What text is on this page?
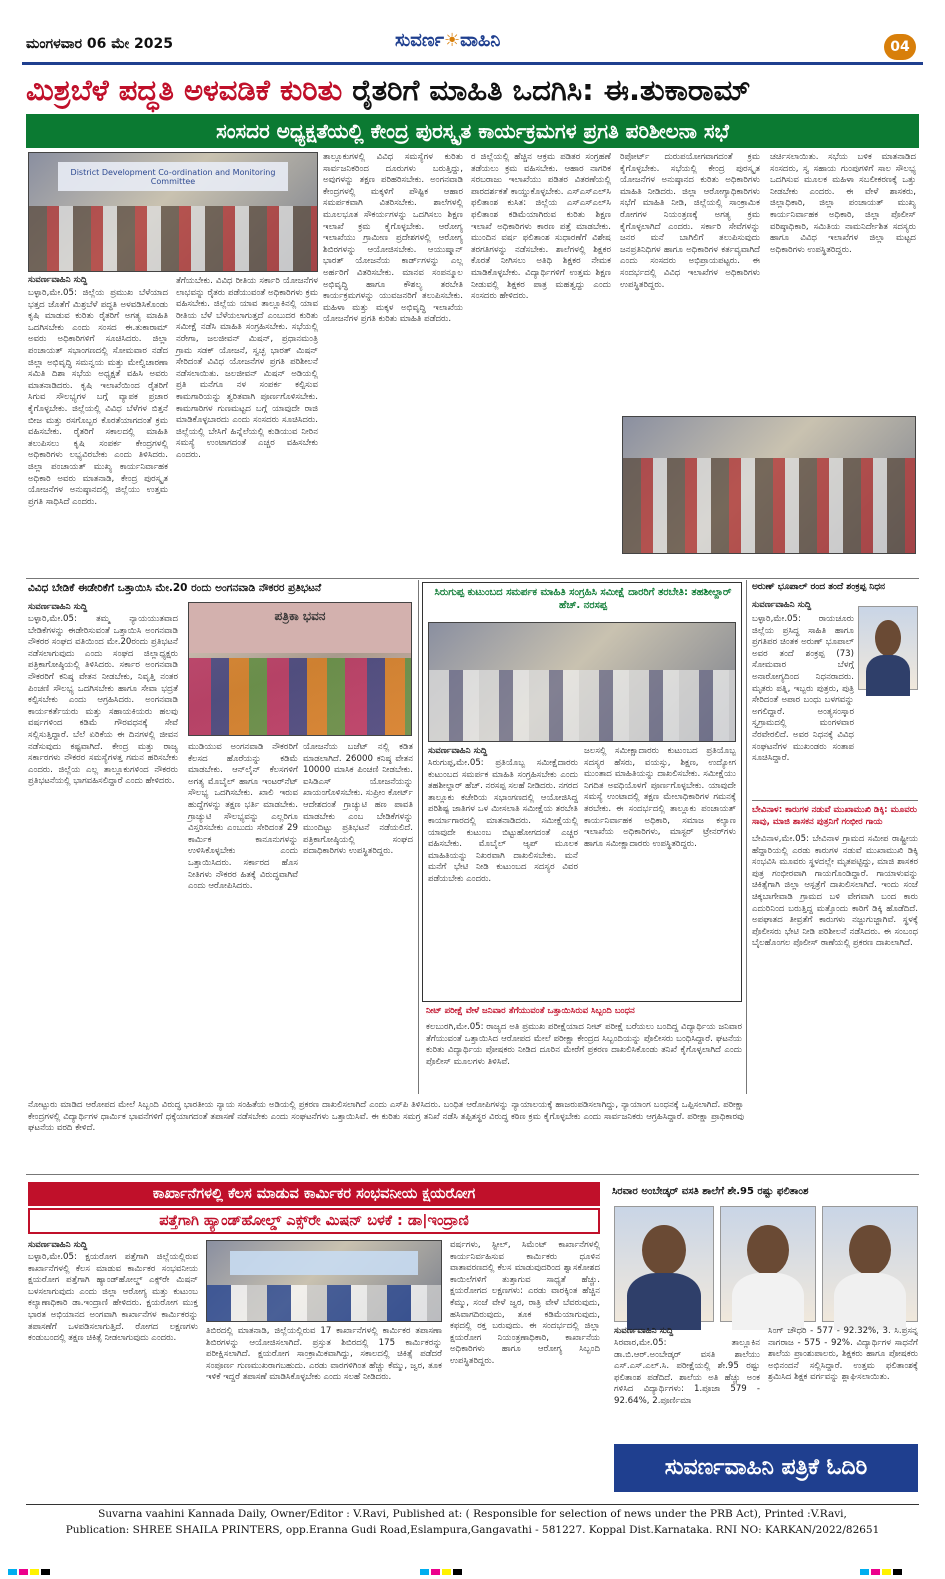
ಮಂಗಳವಾರ 06 ಮೇ 2025	ಸುವರ್ಣ☀ವಾಹಿನಿ	04
ಮಿಶ್ರಬೆಳೆ ಪದ್ಧತಿ ಅಳವಡಿಕೆ ಕುರಿತು ರೈತರಿಗೆ ಮಾಹಿತಿ ಒದಗಿಸಿ: ಈ.ತುಕಾರಾಮ್
ಸಂಸದರ ಅಧ್ಯಕ್ಷತೆಯಲ್ಲಿ ಕೇಂದ್ರ ಪುರಸ್ಕೃತ ಕಾರ್ಯಕ್ರಮಗಳ ಪ್ರಗತಿ ಪರಿಶೀಲನಾ ಸಭೆ
District Development Co-ordination and Monitoring Committee
ಸುವರ್ಣವಾಹಿನಿ ಸುದ್ದಿ
ಬಳ್ಳಾರಿ,ಮೇ.05: ಜಿಲ್ಲೆಯ ಪ್ರಮುಖ ಬೆಳೆಯಾದ ಭತ್ತದ ಜೊತೆಗೆ ಮಿಶ್ರಬೆಳೆ ಪದ್ಧತಿ ಅಳವಡಿಸಿಕೊಂಡು ಕೃಷಿ ಮಾಡುವ ಕುರಿತು ರೈತರಿಗೆ ಅಗತ್ಯ ಮಾಹಿತಿ ಒದಗಿಸಬೇಕು ಎಂದು ಸಂಸದ ಈ.ತುಕಾರಾಮ್ ಅವರು ಅಧಿಕಾರಿಗಳಿಗೆ ಸೂಚಿಸಿದರು. ಜಿಲ್ಲಾ ಪಂಚಾಯತ್ ಸಭಾಂಗಣದಲ್ಲಿ ಸೋಮವಾರ ನಡೆದ ಜಿಲ್ಲಾ ಅಭಿವೃದ್ಧಿ ಸಮನ್ವಯ ಮತ್ತು ಮೇಲ್ವಿಚಾರಣಾ ಸಮಿತಿ ದಿಶಾ ಸಭೆಯ ಅಧ್ಯಕ್ಷತೆ ವಹಿಸಿ ಅವರು ಮಾತನಾಡಿದರು. ಕೃಷಿ ಇಲಾಖೆಯಿಂದ ರೈತರಿಗೆ ಸಿಗುವ ಸೌಲಭ್ಯಗಳ ಬಗ್ಗೆ ವ್ಯಾಪಕ ಪ್ರಚಾರ ಕೈಗೊಳ್ಳಬೇಕು. ಜಿಲ್ಲೆಯಲ್ಲಿ ವಿವಿಧ ಬೆಳೆಗಳ ಬಿತ್ತನೆ ಬೀಜ ಮತ್ತು ರಸಗೊಬ್ಬರ ಕೊರತೆಯಾಗದಂತೆ ಕ್ರಮ ವಹಿಸಬೇಕು. ರೈತರಿಗೆ ಸಕಾಲದಲ್ಲಿ ಮಾಹಿತಿ ತಲುಪಿಸಲು ಕೃಷಿ ಸಂಪರ್ಕ ಕೇಂದ್ರಗಳಲ್ಲಿ ಅಧಿಕಾರಿಗಳು ಲಭ್ಯವಿರಬೇಕು ಎಂದು ತಿಳಿಸಿದರು. ಜಿಲ್ಲಾ ಪಂಚಾಯತ್ ಮುಖ್ಯ ಕಾರ್ಯನಿರ್ವಾಹಕ ಅಧಿಕಾರಿ ಅವರು ಮಾತನಾಡಿ, ಕೇಂದ್ರ ಪುರಸ್ಕೃತ ಯೋಜನೆಗಳ ಅನುಷ್ಠಾನದಲ್ಲಿ ಜಿಲ್ಲೆಯು ಉತ್ತಮ ಪ್ರಗತಿ ಸಾಧಿಸಿದೆ ಎಂದರು.
ತೆಗೆಯಬೇಕು. ವಿವಿಧ ರೀತಿಯ ಸರ್ಕಾರಿ ಯೋಜನೆಗಳ ಲಾಭವನ್ನು ರೈತರು ಪಡೆಯುವಂತೆ ಅಧಿಕಾರಿಗಳು ಕ್ರಮ ವಹಿಸಬೇಕು. ಜಿಲ್ಲೆಯ ಯಾವ ತಾಲ್ಲೂಕಿನಲ್ಲಿ ಯಾವ ರೀತಿಯ ಬೆಳೆ ಬೆಳೆಯಲಾಗುತ್ತದೆ ಎಂಬುದರ ಕುರಿತು ಸಮೀಕ್ಷೆ ನಡೆಸಿ ಮಾಹಿತಿ ಸಂಗ್ರಹಿಸಬೇಕು. ಸಭೆಯಲ್ಲಿ ನರೇಗಾ, ಜಲಜೀವನ್ ಮಿಷನ್, ಪ್ರಧಾನಮಂತ್ರಿ ಗ್ರಾಮ ಸಡಕ್ ಯೋಜನೆ, ಸ್ವಚ್ಛ ಭಾರತ್ ಮಿಷನ್ ಸೇರಿದಂತೆ ವಿವಿಧ ಯೋಜನೆಗಳ ಪ್ರಗತಿ ಪರಿಶೀಲನೆ ನಡೆಸಲಾಯಿತು. ಜಲಜೀವನ್ ಮಿಷನ್ ಅಡಿಯಲ್ಲಿ ಪ್ರತಿ ಮನೆಗೂ ನಳ ಸಂಪರ್ಕ ಕಲ್ಪಿಸುವ ಕಾಮಗಾರಿಯನ್ನು ತ್ವರಿತವಾಗಿ ಪೂರ್ಣಗೊಳಿಸಬೇಕು. ಕಾಮಗಾರಿಗಳ ಗುಣಮಟ್ಟದ ಬಗ್ಗೆ ಯಾವುದೇ ರಾಜಿ ಮಾಡಿಕೊಳ್ಳಬಾರದು ಎಂದು ಸಂಸದರು ಸೂಚಿಸಿದರು. ಜಿಲ್ಲೆಯಲ್ಲಿ ಬೇಸಿಗೆ ಹಿನ್ನೆಲೆಯಲ್ಲಿ ಕುಡಿಯುವ ನೀರಿನ ಸಮಸ್ಯೆ ಉಂಟಾಗದಂತೆ ಎಚ್ಚರ ವಹಿಸಬೇಕು ಎಂದರು.
ತಾಲ್ಲೂಕುಗಳಲ್ಲಿ ವಿವಿಧ ಸಮಸ್ಯೆಗಳ ಕುರಿತು ಸಾರ್ವಜನಿಕರಿಂದ ದೂರುಗಳು ಬರುತ್ತಿದ್ದು, ಅವುಗಳನ್ನು ತಕ್ಷಣ ಪರಿಹರಿಸಬೇಕು. ಅಂಗನವಾಡಿ ಕೇಂದ್ರಗಳಲ್ಲಿ ಮಕ್ಕಳಿಗೆ ಪೌಷ್ಟಿಕ ಆಹಾರ ಸಮರ್ಪಕವಾಗಿ ವಿತರಿಸಬೇಕು. ಶಾಲೆಗಳಲ್ಲಿ ಮೂಲಭೂತ ಸೌಕರ್ಯಗಳನ್ನು ಒದಗಿಸಲು ಶಿಕ್ಷಣ ಇಲಾಖೆ ಕ್ರಮ ಕೈಗೊಳ್ಳಬೇಕು. ಆರೋಗ್ಯ ಇಲಾಖೆಯು ಗ್ರಾಮೀಣ ಪ್ರದೇಶಗಳಲ್ಲಿ ಆರೋಗ್ಯ ಶಿಬಿರಗಳನ್ನು ಆಯೋಜಿಸಬೇಕು. ಆಯುಷ್ಮಾನ್ ಭಾರತ್ ಯೋಜನೆಯ ಕಾರ್ಡ್‌ಗಳನ್ನು ಎಲ್ಲ ಅರ್ಹರಿಗೆ ವಿತರಿಸಬೇಕು. ಮಾನವ ಸಂಪನ್ಮೂಲ ಅಭಿವೃದ್ಧಿ ಹಾಗೂ ಕೌಶಲ್ಯ ತರಬೇತಿ ಕಾರ್ಯಕ್ರಮಗಳನ್ನು ಯುವಜನರಿಗೆ ತಲುಪಿಸಬೇಕು. ಮಹಿಳಾ ಮತ್ತು ಮಕ್ಕಳ ಅಭಿವೃದ್ಧಿ ಇಲಾಖೆಯ ಯೋಜನೆಗಳ ಪ್ರಗತಿ ಕುರಿತು ಮಾಹಿತಿ ಪಡೆದರು.
ರ ಜಿಲ್ಲೆಯಲ್ಲಿ ಹೆಚ್ಚಿನ ಆಕ್ರಮ ಪಡಿತರ ಸಂಗ್ರಹಣೆ ತಡೆಯಲು ಕ್ರಮ ವಹಿಸಬೇಕು. ಆಹಾರ ನಾಗರಿಕ ಸರಬರಾಜು ಇಲಾಖೆಯು ಪಡಿತರ ವಿತರಣೆಯಲ್ಲಿ ಪಾರದರ್ಶಕತೆ ಕಾಯ್ದುಕೊಳ್ಳಬೇಕು. ಎಸ್‌ಎಸ್‌ಎಲ್‌ಸಿ ಫಲಿತಾಂಶ ಕುಸಿತ: ಜಿಲ್ಲೆಯ ಎಸ್‌ಎಸ್‌ಎಲ್‌ಸಿ ಫಲಿತಾಂಶ ಕಡಿಮೆಯಾಗಿರುವ ಕುರಿತು ಶಿಕ್ಷಣ ಇಲಾಖೆ ಅಧಿಕಾರಿಗಳು ಕಾರಣ ಪತ್ತೆ ಮಾಡಬೇಕು. ಮುಂದಿನ ವರ್ಷ ಫಲಿತಾಂಶ ಸುಧಾರಣೆಗೆ ವಿಶೇಷ ತರಗತಿಗಳನ್ನು ನಡೆಸಬೇಕು. ಶಾಲೆಗಳಲ್ಲಿ ಶಿಕ್ಷಕರ ಕೊರತೆ ನೀಗಿಸಲು ಅತಿಥಿ ಶಿಕ್ಷಕರ ನೇಮಕ ಮಾಡಿಕೊಳ್ಳಬೇಕು. ವಿದ್ಯಾರ್ಥಿಗಳಿಗೆ ಉತ್ತಮ ಶಿಕ್ಷಣ ನೀಡುವಲ್ಲಿ ಶಿಕ್ಷಕರ ಪಾತ್ರ ಮಹತ್ವದ್ದು ಎಂದು ಸಂಸದರು ಹೇಳಿದರು.
ರಿಪೋರ್ಟ್ ದುರುಪಯೋಗವಾಗದಂತೆ ಕ್ರಮ ಕೈಗೊಳ್ಳಬೇಕು. ಸಭೆಯಲ್ಲಿ ಕೇಂದ್ರ ಪುರಸ್ಕೃತ ಯೋಜನೆಗಳ ಅನುಷ್ಠಾನದ ಕುರಿತು ಅಧಿಕಾರಿಗಳು ಮಾಹಿತಿ ನೀಡಿದರು. ಜಿಲ್ಲಾ ಆರೋಗ್ಯಾಧಿಕಾರಿಗಳು ಸಭೆಗೆ ಮಾಹಿತಿ ನೀಡಿ, ಜಿಲ್ಲೆಯಲ್ಲಿ ಸಾಂಕ್ರಾಮಿಕ ರೋಗಗಳ ನಿಯಂತ್ರಣಕ್ಕೆ ಅಗತ್ಯ ಕ್ರಮ ಕೈಗೊಳ್ಳಲಾಗಿದೆ ಎಂದರು. ಸರ್ಕಾರಿ ಸೇವೆಗಳನ್ನು ಜನರ ಮನೆ ಬಾಗಿಲಿಗೆ ತಲುಪಿಸುವುದು ಜನಪ್ರತಿನಿಧಿಗಳ ಹಾಗೂ ಅಧಿಕಾರಿಗಳ ಕರ್ತವ್ಯವಾಗಿದೆ ಎಂದು ಸಂಸದರು ಅಭಿಪ್ರಾಯಪಟ್ಟರು. ಈ ಸಂದರ್ಭದಲ್ಲಿ ವಿವಿಧ ಇಲಾಖೆಗಳ ಅಧಿಕಾರಿಗಳು ಉಪಸ್ಥಿತರಿದ್ದರು.
ಚರ್ಚಿಸಲಾಯಿತು. ಸಭೆಯ ಬಳಿಕ ಮಾತನಾಡಿದ ಸಂಸದರು, ಸ್ವ ಸಹಾಯ ಗುಂಪುಗಳಿಗೆ ಸಾಲ ಸೌಲಭ್ಯ ಒದಗಿಸುವ ಮೂಲಕ ಮಹಿಳಾ ಸಬಲೀಕರಣಕ್ಕೆ ಒತ್ತು ನೀಡಬೇಕು ಎಂದರು. ಈ ವೇಳೆ ಶಾಸಕರು, ಜಿಲ್ಲಾಧಿಕಾರಿ, ಜಿಲ್ಲಾ ಪಂಚಾಯತ್ ಮುಖ್ಯ ಕಾರ್ಯನಿರ್ವಾಹಕ ಅಧಿಕಾರಿ, ಜಿಲ್ಲಾ ಪೊಲೀಸ್ ವರಿಷ್ಠಾಧಿಕಾರಿ, ಸಮಿತಿಯ ನಾಮನಿರ್ದೇಶಿತ ಸದಸ್ಯರು ಹಾಗೂ ವಿವಿಧ ಇಲಾಖೆಗಳ ಜಿಲ್ಲಾ ಮಟ್ಟದ ಅಧಿಕಾರಿಗಳು ಉಪಸ್ಥಿತರಿದ್ದರು.
ವಿವಿಧ ಬೇಡಿಕೆ ಈಡೇರಿಕೆಗೆ ಒತ್ತಾಯಿಸಿ ಮೇ.20 ರಂದು ಅಂಗನವಾಡಿ ನೌಕರರ ಪ್ರತಿಭಟನೆ
ಸುವರ್ಣವಾಹಿನಿ ಸುದ್ದಿ
ಬಳ್ಳಾರಿ,ಮೇ.05: ತಮ್ಮ ನ್ಯಾಯಯುತವಾದ ಬೇಡಿಕೆಗಳನ್ನು ಈಡೇರಿಸುವಂತೆ ಒತ್ತಾಯಿಸಿ ಅಂಗನವಾಡಿ ನೌಕರರ ಸಂಘದ ವತಿಯಿಂದ ಮೇ.20ರಂದು ಪ್ರತಿಭಟನೆ ನಡೆಸಲಾಗುವುದು ಎಂದು ಸಂಘದ ಜಿಲ್ಲಾಧ್ಯಕ್ಷರು ಪತ್ರಿಕಾಗೋಷ್ಠಿಯಲ್ಲಿ ತಿಳಿಸಿದರು. ಸರ್ಕಾರ ಅಂಗನವಾಡಿ ನೌಕರರಿಗೆ ಕನಿಷ್ಠ ವೇತನ ನೀಡಬೇಕು, ನಿವೃತ್ತಿ ನಂತರ ಪಿಂಚಣಿ ಸೌಲಭ್ಯ ಒದಗಿಸಬೇಕು ಹಾಗೂ ಸೇವಾ ಭದ್ರತೆ ಕಲ್ಪಿಸಬೇಕು ಎಂದು ಆಗ್ರಹಿಸಿದರು. ಅಂಗನವಾಡಿ ಕಾರ್ಯಕರ್ತೆಯರು ಮತ್ತು ಸಹಾಯಕಿಯರು ಹಲವು ವರ್ಷಗಳಿಂದ ಕಡಿಮೆ ಗೌರವಧನಕ್ಕೆ ಸೇವೆ ಸಲ್ಲಿಸುತ್ತಿದ್ದಾರೆ. ಬೆಲೆ ಏರಿಕೆಯ ಈ ದಿನಗಳಲ್ಲಿ ಜೀವನ ನಡೆಸುವುದು ಕಷ್ಟವಾಗಿದೆ. ಕೇಂದ್ರ ಮತ್ತು ರಾಜ್ಯ ಸರ್ಕಾರಗಳು ನೌಕರರ ಸಮಸ್ಯೆಗಳತ್ತ ಗಮನ ಹರಿಸಬೇಕು ಎಂದರು. ಜಿಲ್ಲೆಯ ಎಲ್ಲ ತಾಲ್ಲೂಕುಗಳಿಂದ ನೌಕರರು ಪ್ರತಿಭಟನೆಯಲ್ಲಿ ಭಾಗವಹಿಸಲಿದ್ದಾರೆ ಎಂದು ಹೇಳಿದರು.
ಪತ್ರಿಕಾ ಭವನ
ಮುಡಿಯುವ ಅಂಗನವಾಡಿ ನೌಕರರಿಗೆ ಕೆಲಸದ ಹೊರೆಯನ್ನು ಕಡಿಮೆ ಮಾಡಬೇಕು. ಆನ್‌ಲೈನ್ ಕೆಲಸಗಳಿಗೆ ಅಗತ್ಯ ಮೊಬೈಲ್ ಹಾಗೂ ಇಂಟರ್‌ನೆಟ್ ಸೌಲಭ್ಯ ಒದಗಿಸಬೇಕು. ಖಾಲಿ ಇರುವ ಹುದ್ದೆಗಳನ್ನು ತಕ್ಷಣ ಭರ್ತಿ ಮಾಡಬೇಕು. ಗ್ರಾಚ್ಯುಟಿ ಸೌಲಭ್ಯವನ್ನು ಎಲ್ಲರಿಗೂ ವಿಸ್ತರಿಸಬೇಕು ಎಂಬುದು ಸೇರಿದಂತೆ 29 ಕಾರ್ಮಿಕ ಕಾನೂನುಗಳನ್ನು ಉಳಿಸಿಕೊಳ್ಳಬೇಕು ಎಂದು ಒತ್ತಾಯಿಸಿದರು. ಸರ್ಕಾರದ ಹೊಸ ನೀತಿಗಳು ನೌಕರರ ಹಿತಕ್ಕೆ ವಿರುದ್ಧವಾಗಿವೆ ಎಂದು ಆರೋಪಿಸಿದರು.
ಯೋಜನೆಯ ಬಜೆಟ್ ನಲ್ಲಿ ಕಡಿತ ಮಾಡಲಾಗಿದೆ. 26000 ಕನಿಷ್ಠ ವೇತನ 10000 ಮಾಸಿಕ ಪಿಂಚಣಿ ನೀಡಬೇಕು. ಐಸಿಡಿಎಸ್ ಯೋಜನೆಯನ್ನು ಖಾಯಂಗೊಳಿಸಬೇಕು. ಸುಪ್ರೀಂ ಕೋರ್ಟ್ ಆದೇಶದಂತೆ ಗ್ರಾಚ್ಯುಟಿ ಹಣ ಪಾವತಿ ಮಾಡಬೇಕು ಎಂಬ ಬೇಡಿಕೆಗಳನ್ನು ಮುಂದಿಟ್ಟು ಪ್ರತಿಭಟನೆ ನಡೆಯಲಿದೆ. ಪತ್ರಿಕಾಗೋಷ್ಠಿಯಲ್ಲಿ ಸಂಘದ ಪದಾಧಿಕಾರಿಗಳು ಉಪಸ್ಥಿತರಿದ್ದರು.
ಸಿರುಗುಪ್ಪ ಕುಟುಂಬದ ಸಮರ್ಪಕ ಮಾಹಿತಿ ಸಂಗ್ರಹಿಸಿ ಸಮೀಕ್ಷೆ ದಾರರಿಗೆ ತರಬೇತಿ: ತಹಶೀಲ್ದಾರ್ ಹೆಚ್. ನರಸಪ್ಪ
ಸುವರ್ಣವಾಹಿನಿ ಸುದ್ದಿ
ಸಿರುಗುಪ್ಪ,ಮೇ.05: ಪ್ರತಿಯೊಬ್ಬ ಸಮೀಕ್ಷೆದಾರರು ಕುಟುಂಬದ ಸಮರ್ಪಕ ಮಾಹಿತಿ ಸಂಗ್ರಹಿಸಬೇಕು ಎಂದು ತಹಶೀಲ್ದಾರ್ ಹೆಚ್. ನರಸಪ್ಪ ಸಲಹೆ ನೀಡಿದರು. ನಗರದ ತಾಲ್ಲೂಕು ಕಚೇರಿಯ ಸಭಾಂಗಣದಲ್ಲಿ ಆಯೋಜಿಸಿದ್ದ ಪರಿಶಿಷ್ಟ ಜಾತಿಗಳ ಒಳ ಮೀಸಲಾತಿ ಸಮೀಕ್ಷೆಯ ತರಬೇತಿ ಕಾರ್ಯಾಗಾರದಲ್ಲಿ ಮಾತನಾಡಿದರು. ಸಮೀಕ್ಷೆಯಲ್ಲಿ ಯಾವುದೇ ಕುಟುಂಬ ಬಿಟ್ಟುಹೋಗದಂತೆ ಎಚ್ಚರ ವಹಿಸಬೇಕು. ಮೊಬೈಲ್ ಆ್ಯಪ್ ಮೂಲಕ ಮಾಹಿತಿಯನ್ನು ನಿಖರವಾಗಿ ದಾಖಲಿಸಬೇಕು. ಮನೆ ಮನೆಗೆ ಭೇಟಿ ನೀಡಿ ಕುಟುಂಬದ ಸದಸ್ಯರ ವಿವರ ಪಡೆಯಬೇಕು ಎಂದರು.
ಜಲಸಲ್ಲಿ ಸಮೀಕ್ಷಾದಾರರು ಕುಟುಂಬದ ಪ್ರತಿಯೊಬ್ಬ ಸದಸ್ಯರ ಹೆಸರು, ವಯಸ್ಸು, ಶಿಕ್ಷಣ, ಉದ್ಯೋಗ ಮುಂತಾದ ಮಾಹಿತಿಯನ್ನು ದಾಖಲಿಸಬೇಕು. ಸಮೀಕ್ಷೆಯು ನಿಗದಿತ ಅವಧಿಯೊಳಗೆ ಪೂರ್ಣಗೊಳ್ಳಬೇಕು. ಯಾವುದೇ ಸಮಸ್ಯೆ ಉಂಟಾದಲ್ಲಿ ತಕ್ಷಣ ಮೇಲಾಧಿಕಾರಿಗಳ ಗಮನಕ್ಕೆ ತರಬೇಕು. ಈ ಸಂದರ್ಭದಲ್ಲಿ ತಾಲ್ಲೂಕು ಪಂಚಾಯತ್ ಕಾರ್ಯನಿರ್ವಾಹಕ ಅಧಿಕಾರಿ, ಸಮಾಜ ಕಲ್ಯಾಣ ಇಲಾಖೆಯ ಅಧಿಕಾರಿಗಳು, ಮಾಸ್ಟರ್ ಟ್ರೇನರ್‌ಗಳು ಹಾಗೂ ಸಮೀಕ್ಷಾದಾರರು ಉಪಸ್ಥಿತರಿದ್ದರು.
ನೀಟ್ ಪರೀಕ್ಷೆ ವೇಳೆ ಜನಿವಾರ ತೆಗೆಯುವಂತೆ ಒತ್ತಾಯಿಸಿರುವ ಸಿಬ್ಬಂದಿ ಬಂಧನ
ಕಲಬುರಗಿ,ಮೇ.05: ರಾಜ್ಯದ ಅತಿ ಪ್ರಮುಖ ಪರೀಕ್ಷೆಯಾದ ನೀಟ್ ಪರೀಕ್ಷೆ ಬರೆಯಲು ಬಂದಿದ್ದ ವಿದ್ಯಾರ್ಥಿಯ ಜನಿವಾರ ತೆಗೆಯುವಂತೆ ಒತ್ತಾಯಿಸಿದ ಆರೋಪದ ಮೇಲೆ ಪರೀಕ್ಷಾ ಕೇಂದ್ರದ ಸಿಬ್ಬಂದಿಯನ್ನು ಪೊಲೀಸರು ಬಂಧಿಸಿದ್ದಾರೆ. ಘಟನೆಯ ಕುರಿತು ವಿದ್ಯಾರ್ಥಿಯ ಪೋಷಕರು ನೀಡಿದ ದೂರಿನ ಮೇರೆಗೆ ಪ್ರಕರಣ ದಾಖಲಿಸಿಕೊಂಡು ತನಿಖೆ ಕೈಗೊಳ್ಳಲಾಗಿದೆ ಎಂದು ಪೊಲೀಸ್ ಮೂಲಗಳು ತಿಳಿಸಿವೆ.
ಅರುಣ್ ಭೂಪಾಲ್ ರಂದ ತಂದೆ ಶಂಕ್ರಪ್ಪ ನಿಧನ
ಸುವರ್ಣವಾಹಿನಿ ಸುದ್ದಿ
ಬಳ್ಳಾರಿ,ಮೇ.05: ರಾಯಚೂರು ಜಿಲ್ಲೆಯ ಪ್ರಸಿದ್ಧ ಸಾಹಿತಿ ಹಾಗೂ ಪ್ರಗತಿಪರ ಚಿಂತಕ ಅರುಣ್ ಭೂಪಾಲ್ ಅವರ ತಂದೆ ಶಂಕ್ರಪ್ಪ (73) ಸೋಮವಾರ ಬೆಳಗ್ಗೆ ಅನಾರೋಗ್ಯದಿಂದ ನಿಧನರಾದರು. ಮೃತರು ಪತ್ನಿ, ಇಬ್ಬರು ಪುತ್ರರು, ಪುತ್ರಿ ಸೇರಿದಂತೆ ಅಪಾರ ಬಂಧು ಬಳಗವನ್ನು ಅಗಲಿದ್ದಾರೆ. ಅಂತ್ಯಸಂಸ್ಕಾರ ಸ್ವಗ್ರಾಮದಲ್ಲಿ ಮಂಗಳವಾರ ನೆರವೇರಲಿದೆ. ಅವರ ನಿಧನಕ್ಕೆ ವಿವಿಧ ಸಂಘಟನೆಗಳ ಮುಖಂಡರು ಸಂತಾಪ ಸೂಚಿಸಿದ್ದಾರೆ.
ಬೇವಿನಾಳ: ಕಾರುಗಳ ನಡುವೆ ಮುಖಾಮುಖಿ ಡಿಕ್ಕಿ: ಮೂವರು ಸಾವು, ಮಾಜಿ ಶಾಸಕನ ಪುತ್ರನಿಗೆ ಗಂಭೀರ ಗಾಯ
ಬೇವಿನಾಳ,ಮೇ.05: ಬೇವಿನಾಳ ಗ್ರಾಮದ ಸಮೀಪ ರಾಷ್ಟ್ರೀಯ ಹೆದ್ದಾರಿಯಲ್ಲಿ ಎರಡು ಕಾರುಗಳ ನಡುವೆ ಮುಖಾಮುಖಿ ಡಿಕ್ಕಿ ಸಂಭವಿಸಿ ಮೂವರು ಸ್ಥಳದಲ್ಲೇ ಮೃತಪಟ್ಟಿದ್ದು, ಮಾಜಿ ಶಾಸಕರ ಪುತ್ರ ಗಂಭೀರವಾಗಿ ಗಾಯಗೊಂಡಿದ್ದಾರೆ. ಗಾಯಾಳುವನ್ನು ಚಿಕಿತ್ಸೆಗಾಗಿ ಜಿಲ್ಲಾ ಆಸ್ಪತ್ರೆಗೆ ದಾಖಲಿಸಲಾಗಿದೆ. ಇಂದು ಸಂಜೆ ಚಿಕ್ಕಬಾಗೇವಾಡಿ ಗ್ರಾಮದ ಬಳಿ ವೇಗವಾಗಿ ಬಂದ ಕಾರು ಎದುರಿನಿಂದ ಬರುತ್ತಿದ್ದ ಮತ್ತೊಂದು ಕಾರಿಗೆ ಡಿಕ್ಕಿ ಹೊಡೆದಿದೆ. ಅಪಘಾತದ ತೀವ್ರತೆಗೆ ಕಾರುಗಳು ನಜ್ಜುಗುಜ್ಜಾಗಿವೆ. ಸ್ಥಳಕ್ಕೆ ಪೊಲೀಸರು ಭೇಟಿ ನೀಡಿ ಪರಿಶೀಲನೆ ನಡೆಸಿದರು. ಈ ಸಂಬಂಧ ಬೈಲಹೊಂಗಲ ಪೊಲೀಸ್ ಠಾಣೆಯಲ್ಲಿ ಪ್ರಕರಣ ದಾಖಲಾಗಿದೆ.
ನೋಟ್ಪುರು ಮಾಡಿದ ಆರೋಪದ ಮೇಲೆ ಸಿಬ್ಬಂದಿ ವಿರುದ್ಧ ಭಾರತೀಯ ನ್ಯಾಯ ಸಂಹಿತೆಯ ಅಡಿಯಲ್ಲಿ ಪ್ರಕರಣ ದಾಖಲಿಸಲಾಗಿದೆ ಎಂದು ಎಸ್‌ಪಿ ತಿಳಿಸಿದರು. ಬಂಧಿತ ಆರೋಪಿಗಳನ್ನು ನ್ಯಾಯಾಲಯಕ್ಕೆ ಹಾಜರುಪಡಿಸಲಾಗಿದ್ದು, ನ್ಯಾಯಾಂಗ ಬಂಧನಕ್ಕೆ ಒಪ್ಪಿಸಲಾಗಿದೆ. ಪರೀಕ್ಷಾ ಕೇಂದ್ರಗಳಲ್ಲಿ ವಿದ್ಯಾರ್ಥಿಗಳ ಧಾರ್ಮಿಕ ಭಾವನೆಗಳಿಗೆ ಧಕ್ಕೆಯಾಗದಂತೆ ತಪಾಸಣೆ ನಡೆಸಬೇಕು ಎಂದು ಸಂಘಟನೆಗಳು ಒತ್ತಾಯಿಸಿವೆ. ಈ ಕುರಿತು ಸಮಗ್ರ ತನಿಖೆ ನಡೆಸಿ ತಪ್ಪಿತಸ್ಥರ ವಿರುದ್ಧ ಕಠಿಣ ಕ್ರಮ ಕೈಗೊಳ್ಳಬೇಕು ಎಂದು ಸಾರ್ವಜನಿಕರು ಆಗ್ರಹಿಸಿದ್ದಾರೆ. ಪರೀಕ್ಷಾ ಪ್ರಾಧಿಕಾರವು ಘಟನೆಯ ವರದಿ ಕೇಳಿದೆ.
ಕಾರ್ಖಾನೆಗಳಲ್ಲಿ ಕೆಲಸ ಮಾಡುವ ಕಾರ್ಮಿಕರ ಸಂಭವನೀಯ ಕ್ಷಯರೋಗ
ಪತ್ತೆಗಾಗಿ ಹ್ಯಾಂಡ್‌ಹೋಲ್ಡ್ ಎಕ್ಸ್‌ರೇ ಮಿಷನ್ ಬಳಕೆ : ಡಾ|ಇಂದ್ರಾಣಿ
ಸುವರ್ಣವಾಹಿನಿ ಸುದ್ದಿ
ಬಳ್ಳಾರಿ,ಮೇ.05: ಕ್ಷಯರೋಗ ಪತ್ತೆಗಾಗಿ ಜಿಲ್ಲೆಯಲ್ಲಿರುವ ಕಾರ್ಖಾನೆಗಳಲ್ಲಿ ಕೆಲಸ ಮಾಡುವ ಕಾರ್ಮಿಕರ ಸಂಭವನೀಯ ಕ್ಷಯರೋಗ ಪತ್ತೆಗಾಗಿ ಹ್ಯಾಂಡ್‌ಹೋಲ್ಡ್ ಎಕ್ಸ್‌ರೇ ಮಿಷನ್ ಬಳಸಲಾಗುವುದು ಎಂದು ಜಿಲ್ಲಾ ಆರೋಗ್ಯ ಮತ್ತು ಕುಟುಂಬ ಕಲ್ಯಾಣಾಧಿಕಾರಿ ಡಾ.ಇಂದ್ರಾಣಿ ಹೇಳಿದರು. ಕ್ಷಯರೋಗ ಮುಕ್ತ ಭಾರತ ಅಭಿಯಾನದ ಅಂಗವಾಗಿ ಕಾರ್ಖಾನೆಗಳ ಕಾರ್ಮಿಕರನ್ನು ತಪಾಸಣೆಗೆ ಒಳಪಡಿಸಲಾಗುತ್ತಿದೆ. ರೋಗದ ಲಕ್ಷಣಗಳು ಕಂಡುಬಂದಲ್ಲಿ ತಕ್ಷಣ ಚಿಕಿತ್ಸೆ ನೀಡಲಾಗುವುದು ಎಂದರು.
ತಿಬಿರದಲ್ಲಿ ಮಾತನಾಡಿ, ಜಿಲ್ಲೆಯಲ್ಲಿರುವ 17 ಕಾರ್ಖಾನೆಗಳಲ್ಲಿ ಕಾರ್ಮಿಕರ ತಪಾಸಣಾ ಶಿಬಿರಗಳನ್ನು ಆಯೋಜಿಸಲಾಗಿದೆ. ಪ್ರಸ್ತುತ ಶಿಬಿರದಲ್ಲಿ 175 ಕಾರ್ಮಿಕರನ್ನು ಪರೀಕ್ಷಿಸಲಾಗಿದೆ. ಕ್ಷಯರೋಗ ಸಾಂಕ್ರಾಮಿಕವಾಗಿದ್ದು, ಸಕಾಲದಲ್ಲಿ ಚಿಕಿತ್ಸೆ ಪಡೆದರೆ ಸಂಪೂರ್ಣ ಗುಣಮುಖರಾಗಬಹುದು. ಎರಡು ವಾರಗಳಿಗಿಂತ ಹೆಚ್ಚು ಕೆಮ್ಮು, ಜ್ವರ, ತೂಕ ಇಳಿಕೆ ಇದ್ದರೆ ತಪಾಸಣೆ ಮಾಡಿಸಿಕೊಳ್ಳಬೇಕು ಎಂದು ಸಲಹೆ ನೀಡಿದರು.
ವರ್ಷಗಳು, ಸ್ಟೀಲ್, ಸಿಮೆಂಟ್ ಕಾರ್ಖಾನೆಗಳಲ್ಲಿ ಕಾರ್ಯನಿರ್ವಹಿಸುವ ಕಾರ್ಮಿಕರು ಧೂಳಿನ ವಾತಾವರಣದಲ್ಲಿ ಕೆಲಸ ಮಾಡುವುದರಿಂದ ಶ್ವಾಸಕೋಶದ ಕಾಯಿಲೆಗಳಿಗೆ ತುತ್ತಾಗುವ ಸಾಧ್ಯತೆ ಹೆಚ್ಚು. ಕ್ಷಯರೋಗದ ಲಕ್ಷಣಗಳು: ಎರಡು ವಾರಕ್ಕಿಂತ ಹೆಚ್ಚಿನ ಕೆಮ್ಮು, ಸಂಜೆ ವೇಳೆ ಜ್ವರ, ರಾತ್ರಿ ವೇಳೆ ಬೆವರುವುದು, ಹಸಿವಾಗದಿರುವುದು, ತೂಕ ಕಡಿಮೆಯಾಗುವುದು, ಕಫದಲ್ಲಿ ರಕ್ತ ಬರುವುದು. ಈ ಸಂದರ್ಭದಲ್ಲಿ ಜಿಲ್ಲಾ ಕ್ಷಯರೋಗ ನಿಯಂತ್ರಣಾಧಿಕಾರಿ, ಕಾರ್ಖಾನೆಯ ಅಧಿಕಾರಿಗಳು ಹಾಗೂ ಆರೋಗ್ಯ ಸಿಬ್ಬಂದಿ ಉಪಸ್ಥಿತರಿದ್ದರು.
ಸಿರವಾರ ಅಂಬೇಡ್ಕರ್ ವಸತಿ ಶಾಲೆಗೆ ಶೇ.95 ರಷ್ಟು ಫಲಿತಾಂಶ
ಸುವರ್ಣವಾಹಿನಿ ಸುದ್ದಿ
ಸಿರವಾರ,ಮೇ.05: ತಾಲ್ಲೂಕಿನ ಡಾ.ಬಿ.ಆರ್.ಅಂಬೇಡ್ಕರ್ ವಸತಿ ಶಾಲೆಯು ಎಸ್.ಎಸ್.ಎಲ್.ಸಿ. ಪರೀಕ್ಷೆಯಲ್ಲಿ ಶೇ.95 ರಷ್ಟು ಫಲಿತಾಂಶ ಪಡೆದಿದೆ. ಶಾಲೆಯ ಅತಿ ಹೆಚ್ಚು ಅಂಕ ಗಳಿಸಿದ ವಿದ್ಯಾರ್ಥಿಗಳು: 1.ಪೂಜಾ 579 - 92.64%, 2.ಪೂರ್ಣಿಮಾ
ಸಿಂಗ್ ಚೌಧರಿ - 577 - 92.32%, 3. ಸಿ.ಪ್ರಸನ್ನ ನಾಗರಾಜ - 575 - 92%. ವಿದ್ಯಾರ್ಥಿಗಳ ಸಾಧನೆಗೆ ಶಾಲೆಯ ಪ್ರಾಂಶುಪಾಲರು, ಶಿಕ್ಷಕರು ಹಾಗೂ ಪೋಷಕರು ಅಭಿನಂದನೆ ಸಲ್ಲಿಸಿದ್ದಾರೆ. ಉತ್ತಮ ಫಲಿತಾಂಶಕ್ಕೆ ಶ್ರಮಿಸಿದ ಶಿಕ್ಷಕ ವರ್ಗವನ್ನು ಶ್ಲಾಘಿಸಲಾಯಿತು.
ಸುವರ್ಣವಾಹಿನಿ ಪತ್ರಿಕೆ ಓದಿರಿ
Suvarna vaahini Kannada Daily, Owner/Editor : V.Ravi, Published at: ( Responsible for selection of news under the PRB Act), Printed :V.Ravi,
Publication: SHREE SHAILA PRINTERS, opp.Eranna Gudi Road,Eslampura,Gangavathi - 581227. Koppal Dist.Karnataka. RNI NO: KARKAN/2022/82651
